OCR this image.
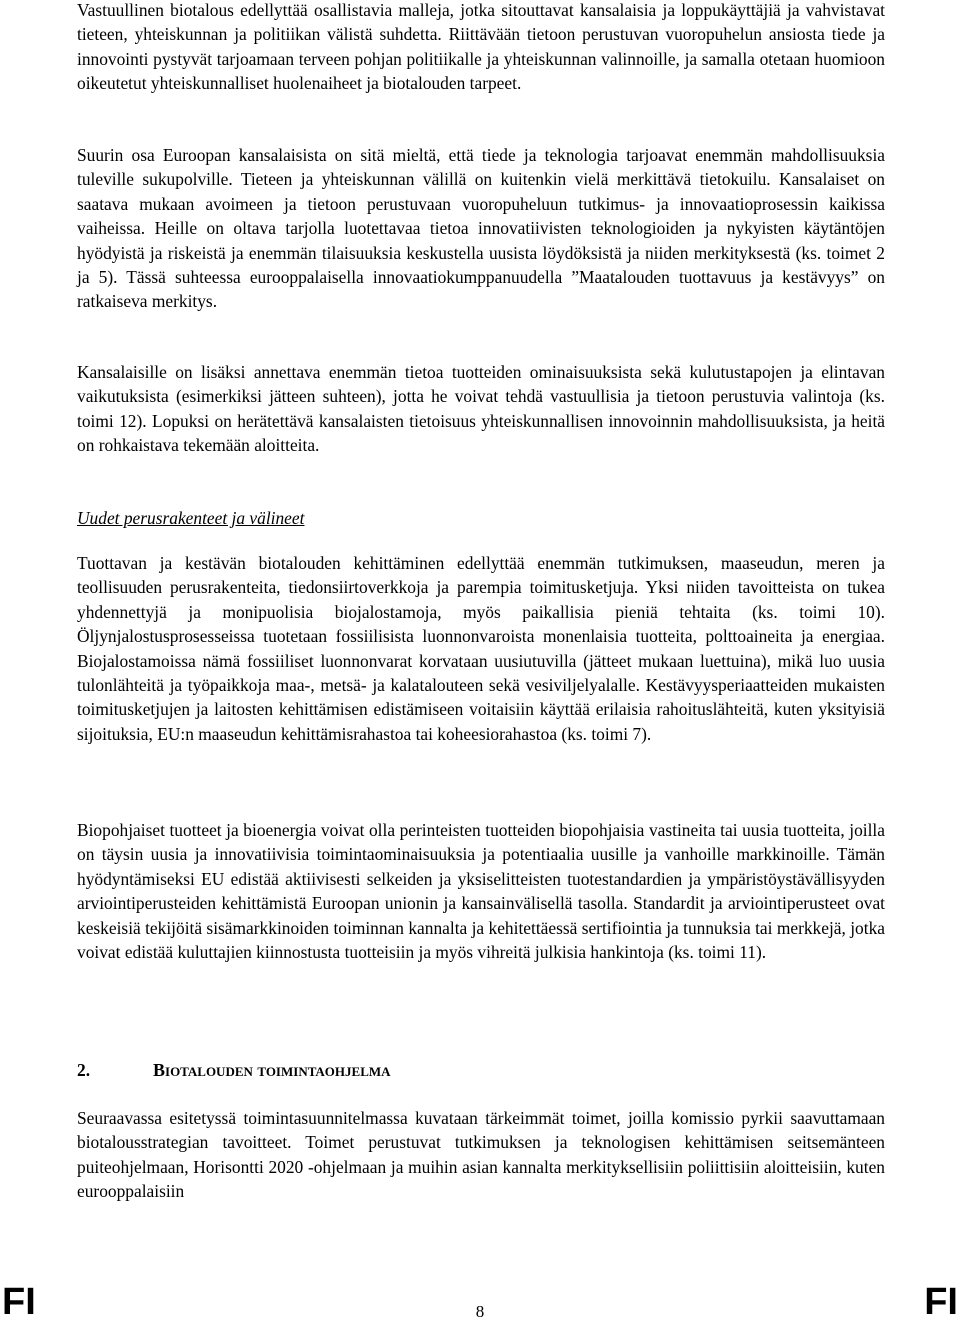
Vastuullinen biotalous edellyttää osallistavia malleja, jotka sitouttavat kansalaisia ja loppukäyttäjiä ja vahvistavat tieteen, yhteiskunnan ja politiikan välistä suhdetta. Riittävään tietoon perustuvan vuoropuhelun ansiosta tiede ja innovointi pystyvät tarjoamaan terveen pohjan politiikalle ja yhteiskunnan valinnoille, ja samalla otetaan huomioon oikeutetut yhteiskunnalliset huolenaiheet ja biotalouden tarpeet.

Suurin osa Euroopan kansalaisista on sitä mieltä, että tiede ja teknologia tarjoavat enemmän mahdollisuuksia tuleville sukupolville. Tieteen ja yhteiskunnan välillä on kuitenkin vielä merkittävä tietokuilu. Kansalaiset on saatava mukaan avoimeen ja tietoon perustuvaan vuoropuheluun tutkimus- ja innovaatioprosessin kaikissa vaiheissa. Heille on oltava tarjolla luotettavaa tietoa innovatiivisten teknologioiden ja nykyisten käytäntöjen hyödyistä ja riskeistä ja enemmän tilaisuuksia keskustella uusista löydöksistä ja niiden merkityksestä (ks. toimet 2 ja 5). Tässä suhteessa eurooppalaisella innovaatiokumppanuudella ”Maatalouden tuottavuus ja kestävyys” on ratkaiseva merkitys.

Kansalaisille on lisäksi annettava enemmän tietoa tuotteiden ominaisuuksista sekä kulutustapojen ja elintavan vaikutuksista (esimerkiksi jätteen suhteen), jotta he voivat tehdä vastuullisia ja tietoon perustuvia valintoja (ks. toimi 12). Lopuksi on herätettävä kansalaisten tietoisuus yhteiskunnallisen innovoinnin mahdollisuuksista, ja heitä on rohkaistava tekemään aloitteita.

Uudet perusrakenteet ja välineet

Tuottavan ja kestävän biotalouden kehittäminen edellyttää enemmän tutkimuksen, maaseudun, meren ja teollisuuden perusrakenteita, tiedonsiirtoverkkoja ja parempia toimitusketjuja. Yksi niiden tavoitteista on tukea yhdennettyjä ja monipuolisia biojalostamoja, myös paikallisia pieniä tehtaita (ks. toimi 10). Öljynjalostusprosesseissa tuotetaan fossiilisista luonnonvaroista monenlaisia tuotteita, polttoaineita ja energiaa. Biojalostamoissa nämä fossiiliset luonnonvarat korvataan uusiutuvilla (jätteet mukaan luettuina), mikä luo uusia tulonlähteitä ja työpaikkoja maa-, metsä- ja kalatalouteen sekä vesiviljelyalalle. Kestävyysperiaatteiden mukaisten toimitusketjujen ja laitosten kehittämisen edistämiseen voitaisiin käyttää erilaisia rahoituslähteitä, kuten yksityisiä sijoituksia, EU:n maaseudun kehittämisrahastoa tai koheesiorahastoa (ks. toimi 7).

Biopohjaiset tuotteet ja bioenergia voivat olla perinteisten tuotteiden biopohjaisia vastineita tai uusia tuotteita, joilla on täysin uusia ja innovatiivisia toimintaominaisuuksia ja potentiaalia uusille ja vanhoille markkinoille. Tämän hyödyntämiseksi EU edistää aktiivisesti selkeiden ja yksiselitteisten tuotestandardien ja ympäristöystävällisyyden arviointiperusteiden kehittämistä Euroopan unionin ja kansainvälisellä tasolla. Standardit ja arviointiperusteet ovat keskeisiä tekijöitä sisämarkkinoiden toiminnan kannalta ja kehitettäessä sertifiointia ja tunnuksia tai merkkejä, jotka voivat edistää kuluttajien kiinnostusta tuotteisiin ja myös vihreitä julkisia hankintoja (ks. toimi 11).

2.	Biotalouden toimintaohjelma

Seuraavassa esitetyssä toimintasuunnitelmassa kuvataan tärkeimmät toimet, joilla komissio pyrkii saavuttamaan biotalousstrategian tavoitteet. Toimet perustuvat tutkimuksen ja teknologisen kehittämisen seitsemänteen puiteohjelmaan, Horisontti 2020 -ohjelmaan ja muihin asian kannalta merkityksellisiin poliittisiin aloitteisiin, kuten eurooppalaisiin

FI	8	FI
